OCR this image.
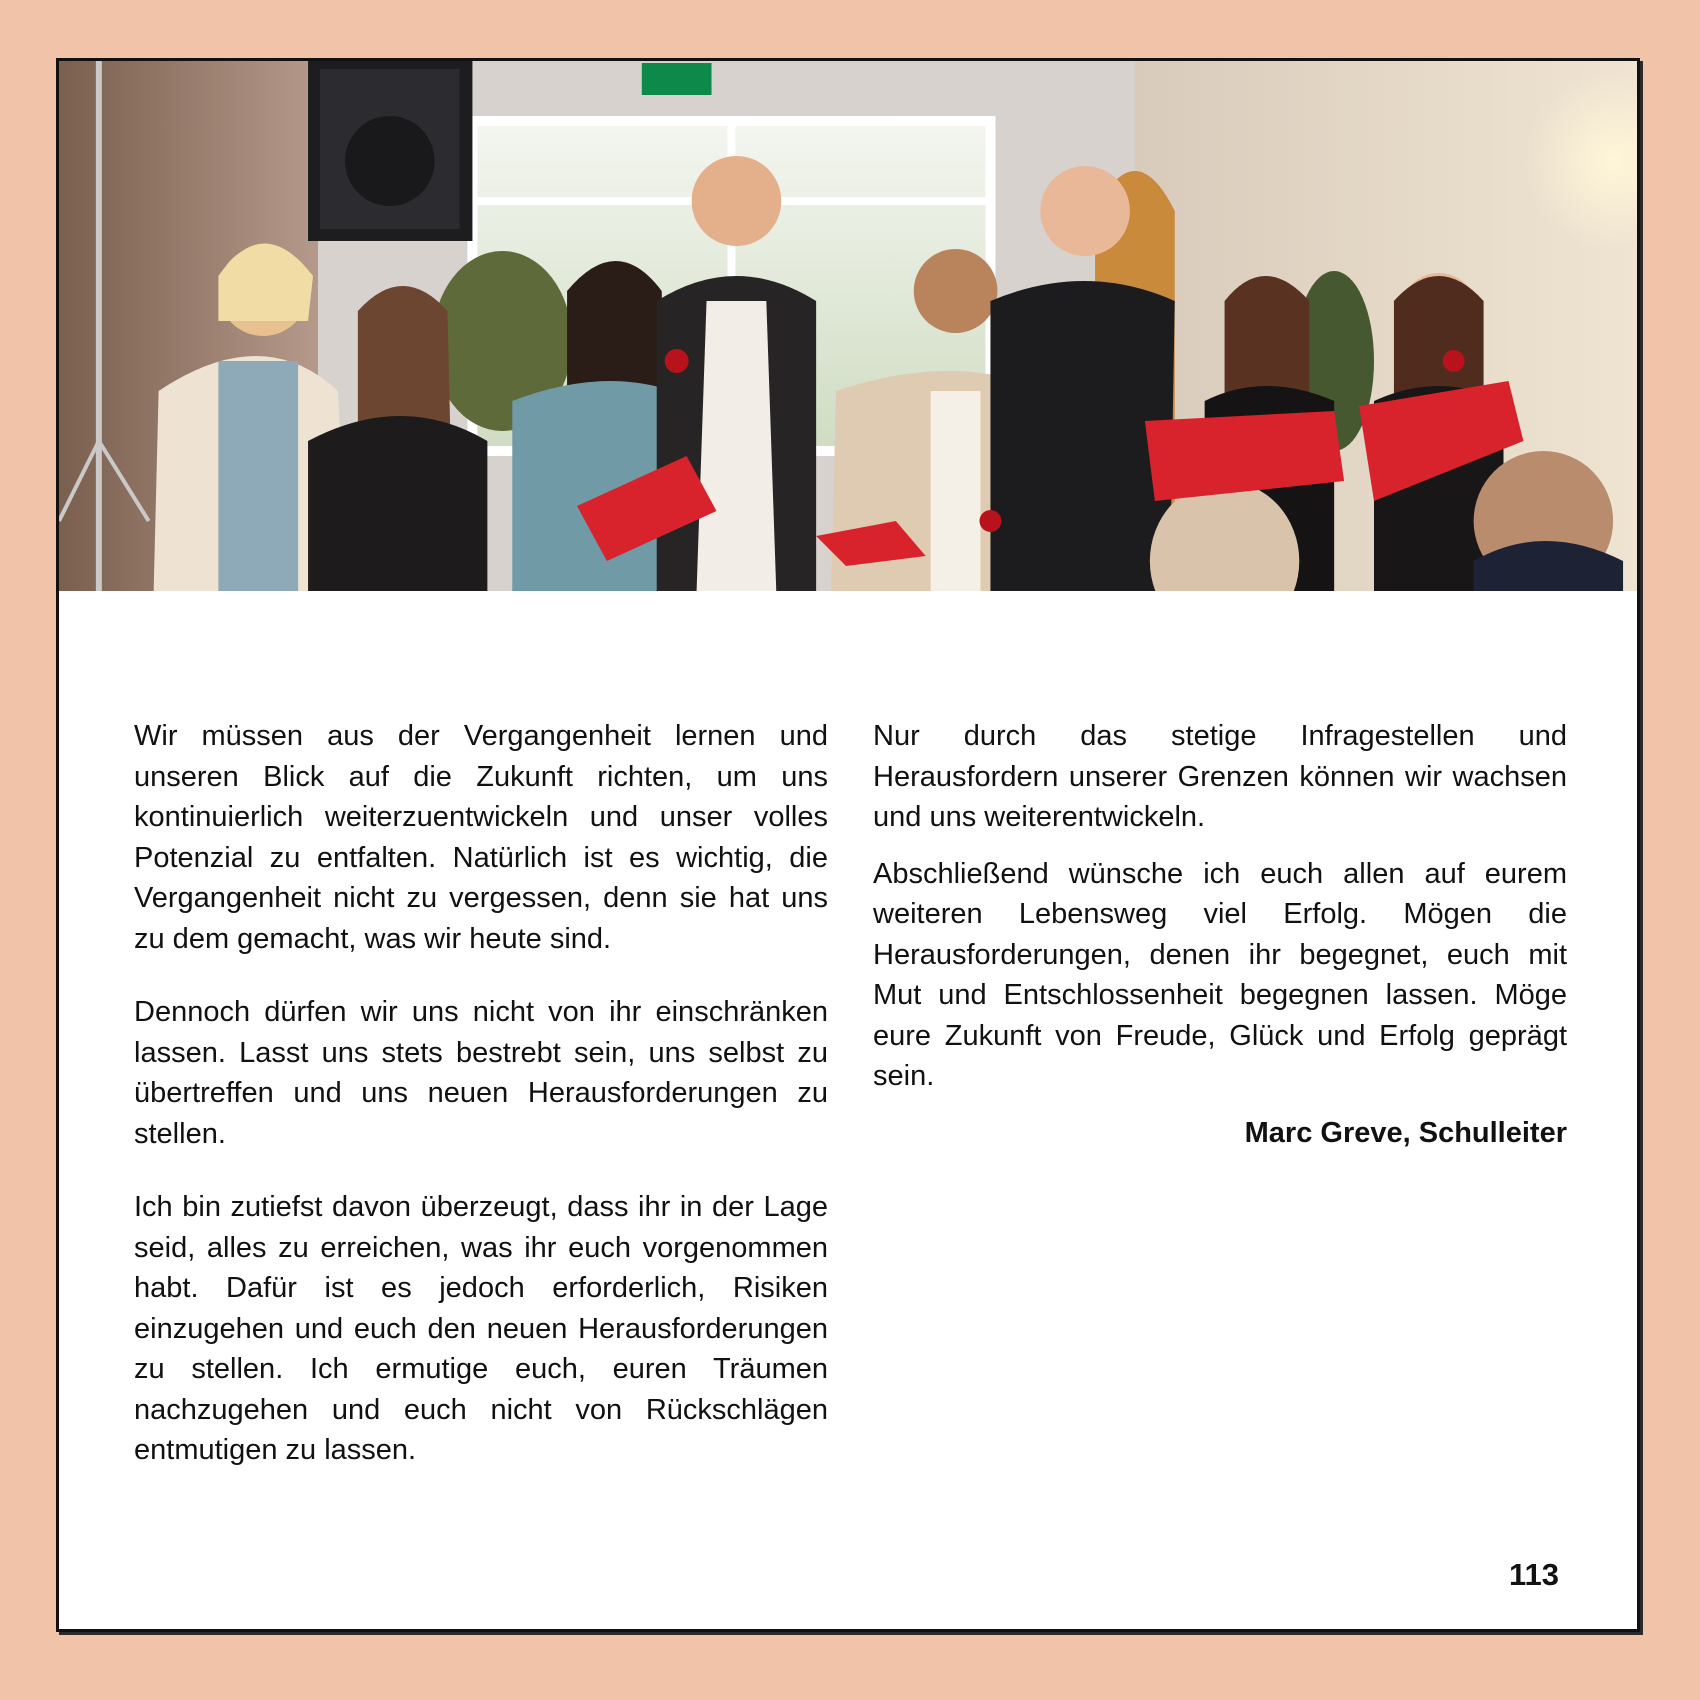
Wir müssen aus der Vergangenheit lernen und unseren Blick auf die Zukunft richten, um uns kontinuierlich weiterzuentwickeln und unser volles Potenzial zu entfalten. Natürlich ist es wichtig, die Vergangenheit nicht zu vergessen, denn sie hat uns zu dem gemacht, was wir heute sind.

Dennoch dürfen wir uns nicht von ihr einschränken lassen. Lasst uns stets bestrebt sein, uns selbst zu übertreffen und uns neuen Herausforderungen zu stellen.

Ich bin zutiefst davon überzeugt, dass ihr in der Lage seid, alles zu erreichen, was ihr euch vorgenommen habt. Dafür ist es jedoch erforderlich, Risiken einzugehen und euch den neuen Herausforderungen zu stellen. Ich ermutige euch, euren Träumen nachzugehen und euch nicht von Rückschlägen entmutigen zu lassen.

Nur durch das stetige Infragestellen und Herausfordern unserer Grenzen können wir wachsen und uns weiterentwickeln.

Abschließend wünsche ich euch allen auf eurem weiteren Lebensweg viel Erfolg. Mögen die Herausforderungen, denen ihr begegnet, euch mit Mut und Entschlossenheit begegnen lassen. Möge eure Zukunft von Freude, Glück und Erfolg geprägt sein.

Marc Greve, Schulleiter
113
